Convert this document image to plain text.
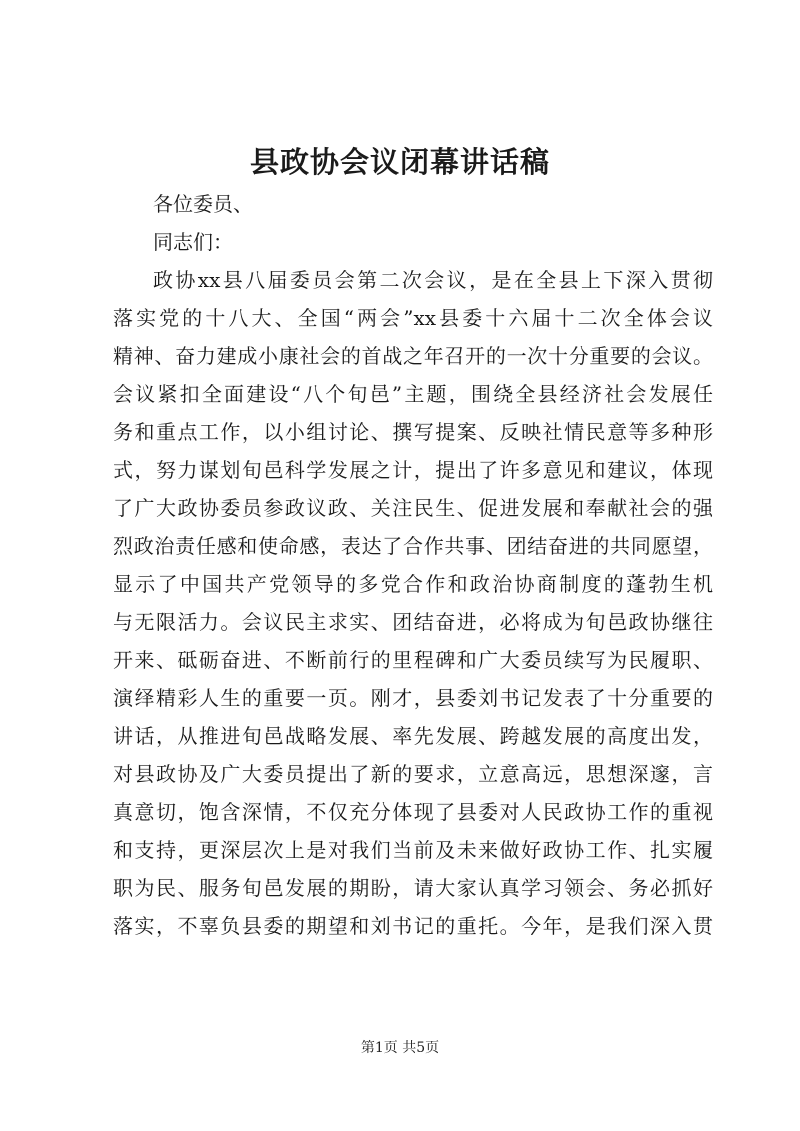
县政协会议闭幕讲话稿
各位委员、
同志们：
政协xx县八届委员会第二次会议，是在全县上下深入贯彻
落实党的十八大、全国“两会”xx县委十六届十二次全体会议
精神、奋力建成小康社会的首战之年召开的一次十分重要的会议。
会议紧扣全面建设“八个旬邑”主题，围绕全县经济社会发展任
务和重点工作，以小组讨论、撰写提案、反映社情民意等多种形
式，努力谋划旬邑科学发展之计，提出了许多意见和建议，体现
了广大政协委员参政议政、关注民生、促进发展和奉献社会的强
烈政治责任感和使命感，表达了合作共事、团结奋进的共同愿望，
显示了中国共产党领导的多党合作和政治协商制度的蓬勃生机
与无限活力。会议民主求实、团结奋进，必将成为旬邑政协继往
开来、砥砺奋进、不断前行的里程碑和广大委员续写为民履职、
演绎精彩人生的重要一页。刚才，县委刘书记发表了十分重要的
讲话，从推进旬邑战略发展、率先发展、跨越发展的高度出发，
对县政协及广大委员提出了新的要求，立意高远，思想深邃，言
真意切，饱含深情，不仅充分体现了县委对人民政协工作的重视
和支持，更深层次上是对我们当前及未来做好政协工作、扎实履
职为民、服务旬邑发展的期盼，请大家认真学习领会、务必抓好
落实，不辜负县委的期望和刘书记的重托。今年，是我们深入贯
第1页 共5页
